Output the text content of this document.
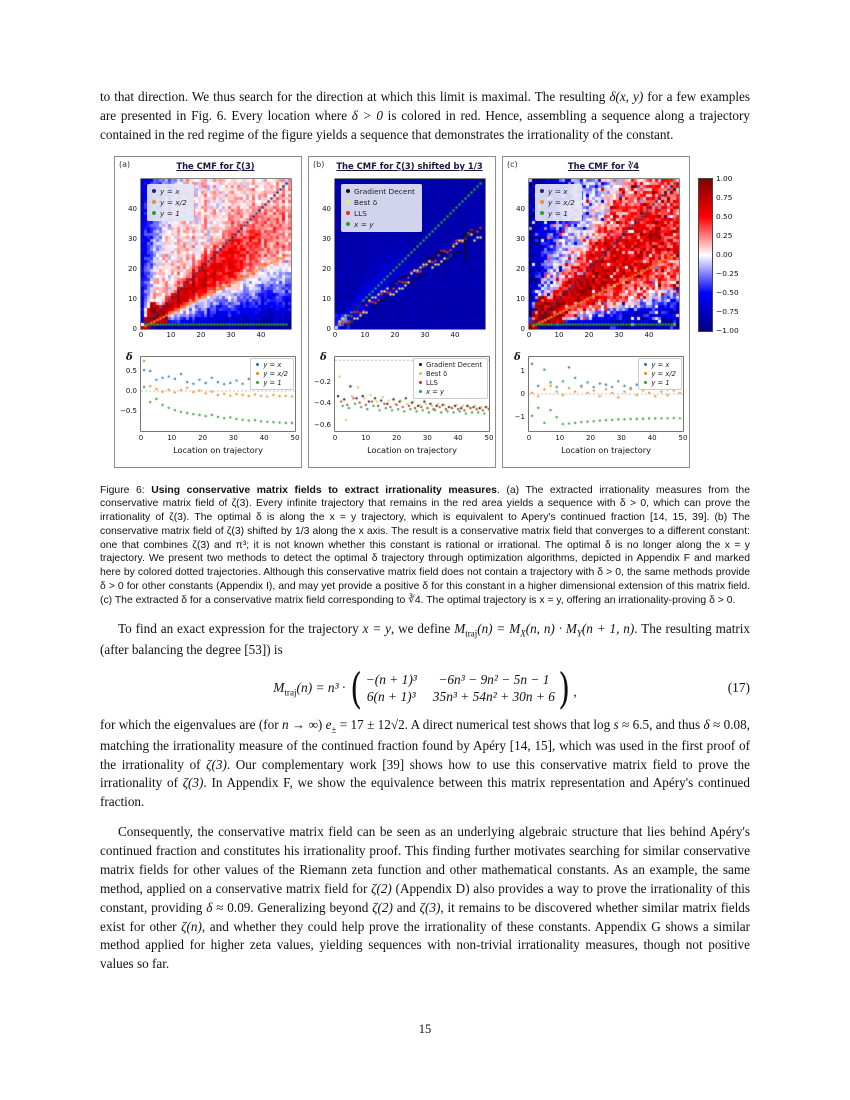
to that direction. We thus search for the direction at which this limit is maximal. The resulting δ(x, y) for a few examples are presented in Fig. 6. Every location where δ > 0 is colored in red. Hence, assembling a sequence along a trajectory contained in the red regime of the figure yields a sequence that demonstrates the irrationality of the constant.

(a)	The CMF for ζ(3)
y = x
y = x/2
y = 1
y = x
y = x/2
y = 1
δ
Location on trajectory
0
10
20
30
40
0	10	20	30	40
0.5
0.0
−0.5
0	10	20	30	40	50
(b)	The CMF for ζ(3) shifted by 1/3
Gradient Decent
Best δ
LLS
x = y
Gradient Decent
Best δ
LLS
x = y
δ
Location on trajectory
0
10
20
30
40
0	10	20	30	40
−0.2
−0.4
−0.6
0	10	20	30	40	50
(c)	The CMF for ∛4
y = x
y = x/2
y = 1
y = x
y = x/2
y = 1
δ
Location on trajectory
0
10
20
30
40
0	10	20	30	40
1
0
−1
0	10	20	30	40	50
1.00
0.75
0.50
0.25
0.00
−0.25
−0.50
−0.75
−1.00

Figure 6: Using conservative matrix fields to extract irrationality measures. (a) The extracted irrationality measures from the conservative matrix field of ζ(3). Every infinite trajectory that remains in the red area yields a sequence with δ > 0, which can prove the irrationality of ζ(3). The optimal δ is along the x = y trajectory, which is equivalent to Apery's continued fraction [14, 15, 39]. (b) The conservative matrix field of ζ(3) shifted by 1/3 along the x axis. The result is a conservative matrix field that converges to a different constant: one that combines ζ(3) and π³; it is not known whether this constant is rational or irrational. The optimal δ is no longer along the x = y trajectory. We present two methods to detect the optimal δ trajectory through optimization algorithms, depicted in Appendix F and marked here by colored dotted trajectories. Although this conservative matrix field does not contain a trajectory with δ > 0, the same methods provide δ > 0 for other constants (Appendix I), and may yet provide a positive δ for this constant in a higher dimensional extension of this matrix field. (c) The extracted δ for a conservative matrix field corresponding to ∛4. The optimal trajectory is x = y, offering an irrationality-proving δ > 0.

To find an exact expression for the trajectory x = y, we define $M_{traj}(n) = M_X(n$, $n) \cdot M_Y(n + 1$, n). The resulting matrix (after balancing the degree [53]) is

$M_{traj}(n) = n^3$ · ( −(n + 1)³	−6n³ − 9n² − 5n − 1
6(n + 1)³ 35n³ + 54n² + 30n + 6 ) ,	(17)

for which the eigenvalues are (for n → ∞) $e_\pm = 17 \pm 12√2$. A direct numerical test shows that log s ≈ 6.5, and thus δ ≈ 0.08, matching the irrationality measure of the continued fraction found by Apéry [14, 15], which was used in the first proof of the irrationality of ζ(3). Our complementary work [39] shows how to use this conservative matrix field to prove the irrationality of ζ(3). In Appendix F, we show the equivalence between this matrix representation and Apéry's continued fraction.

Consequently, the conservative matrix field can be seen as an underlying algebraic structure that lies behind Apéry's continued fraction and constitutes his irrationality proof. This finding further motivates searching for similar conservative matrix fields for other values of the Riemann zeta function and other mathematical constants. As an example, the same method, applied on a conservative matrix field for ζ(2) (Appendix D) also provides a way to prove the irrationality of this constant, providing δ ≈ 0.09. Generalizing beyond ζ(2) and ζ(3), it remains to be discovered whether similar matrix fields exist for other ζ(n), and whether they could help prove the irrationality of these constants. Appendix G shows a similar method applied for higher zeta values, yielding sequences with non-trivial irrationality measures, though not positive values so far.

15
